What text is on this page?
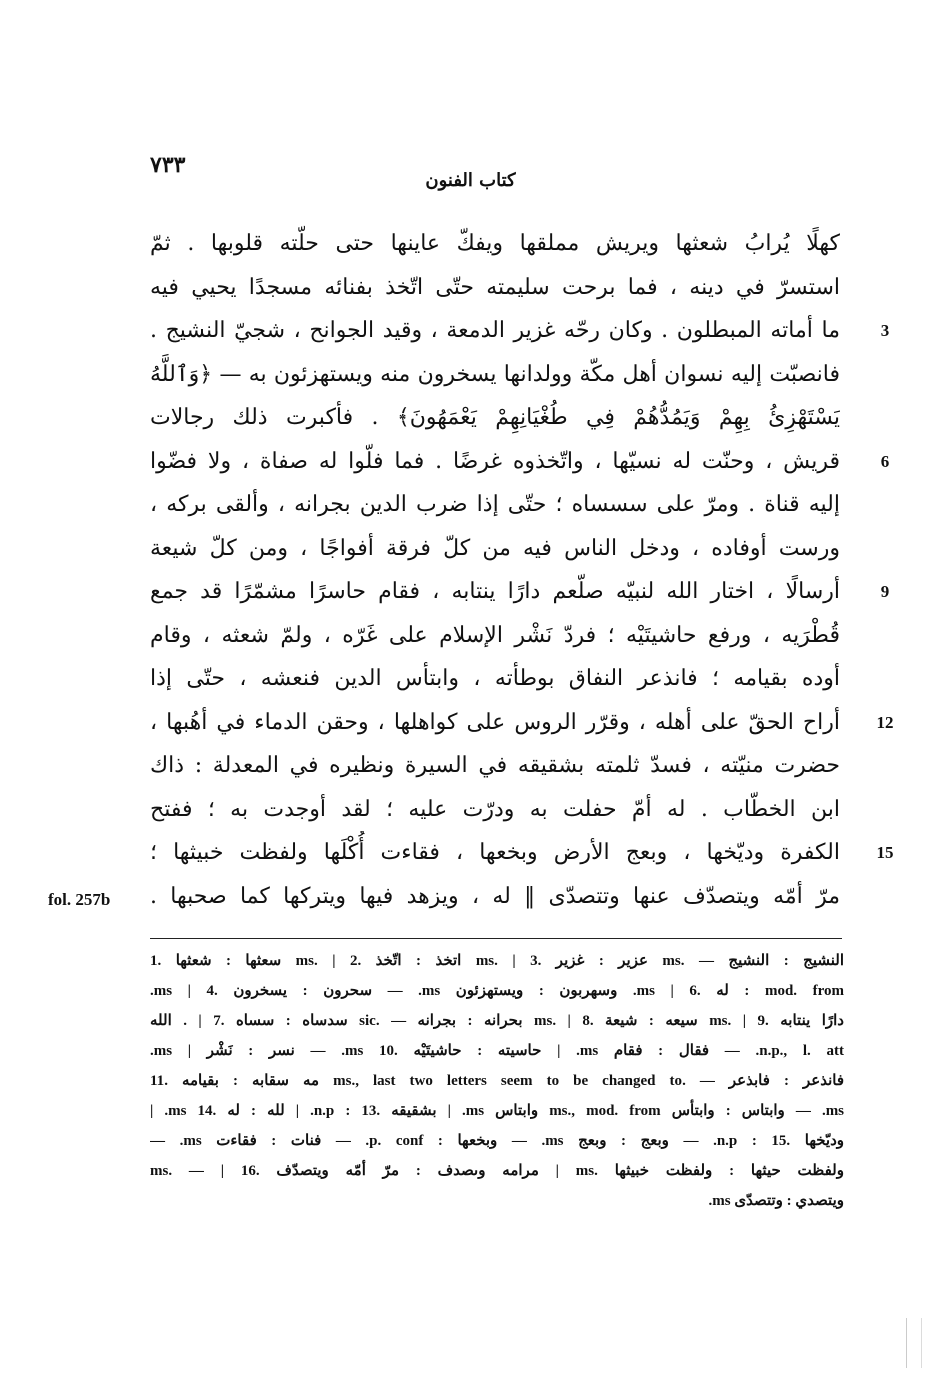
٧٣٣
كتاب الفنون
كهلًا يُرابُ شعثها ويريش مملقها ويفكّ عاينها حتى حلّته قلوبها . ثمّ
استسرّ في دينه ، فما برحت سليمته حتّى اتّخذ بفنائه مسجدًا يحيي فيه
ما أماته المبطلون . وكان رحّه غزير الدمعة ، وقيد الجوانح ، شجيّ النشيج .
فانصبّت إليه نسوان أهل مكّة وولدانها يسخرون منه ويستهزئون به — ﴿وَٱللَّهُ
يَسْتَهْزِئُ بِهِمْ وَيَمُدُّهُمْ فِي طُغْيَانِهِمْ يَعْمَهُونَ﴾ . فأكبرت ذلك رجالات
قريش ، وحنّت له نسيّها ، واتّخذوه غرضًا . فما فلّوا له صفاة ، ولا فضّوا
إليه قناة . ومرّ على سسساه ؛ حتّى إذا ضرب الدين بجرانه ، وألقى بركه ،
ورست أوفاده ، ودخل الناس فيه من كلّ فرقة أفواجًا ، ومن كلّ شيعة
أرسالًا ، اختار الله لنبيّه صلّعم دارًا ينتابه ، فقام حاسرًا مشمّرًا قد جمع
قُطْرَيه ، ورفع حاشيتَيْه ؛ فردّ نَشْر الإسلام على غَرّه ، ولمّ شعثه ، وقام
أوده بقيامه ؛ فانذعر النفاق بوطأته ، وابتأس الدين فنعشه ، حتّى إذا
أراح الحقّ على أهله ، وقرّر الروس على كواهلها ، وحقن الدماء في أهُبها ،
حضرت منيّته ، فسدّ ثلمته بشقيقه في السيرة ونظيره في المعدلة : ذاك
ابن الخطّاب . له أمّ حفلت به ودرّت عليه ؛ لقد أوجدت به ؛ ففتح
الكفرة وديّخها ، وبعج الأرض وبخعها ، فقاءت أُكْلَها ولفظت خبيثها ؛
مرّ أمّه ويتصدّف عنها وتتصدّى ‖ له ، ويزهد فيها ويتركها كما صحبها .
3
6
9
12
15
fol. 257b
النشيج : النشيج — .ms عزير : غزير .3 | .ms اتخذ : اتّخذ .2 | .ms سعثها : شعثها .1
.ms | سحرون : يسخرون .4 — .ms وسهربون : ويستهزئون .ms | 6. له : mod. from
دارًا ينتابه .9 | .ms سيعه : شيعة .8 | .ms بحرانه : بجرانه — .sic سدساه : سساه .7 | . الله
.ms | نسر : نَشْر — .ms حاسيته : حاشيتَيْه .10 | .ms فقال : فقام — .n.p., l. att
فانذعر : فابذعر — .ms., last two letters seem to be changed to مه سقابه : بقيامه .11
| .ms لله : له .14 | .n.p : بشقيقه .13 | .ms وابتاس ms., mod. from وابتاس : وابتأس — .ms
— .ms فنات : فقاءت — .p. conf : وبخعها — .ms وبعج : وبعج — .n.p : وديّخها .15
ولفظت حيثها : ولفظت خبيثها .ms | مرامه وىصدف : مرّ أمّه ويتصدّف .16 | — .ms
.ms ويتصدي : وتتصدّى
